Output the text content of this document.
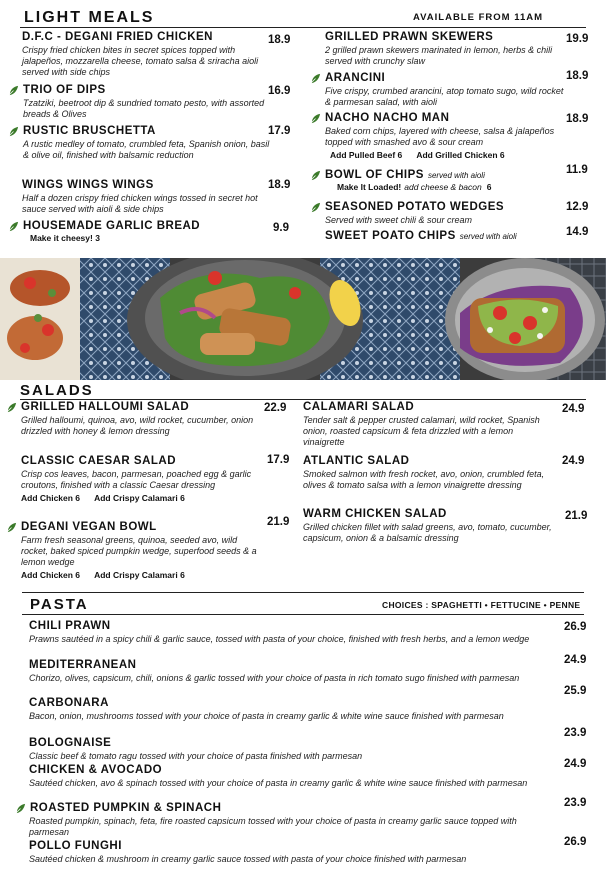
LIGHT MEALS	AVAILABLE FROM 11AM
D.F.C - DEGANI FRIED CHICKEN
Crispy fried chicken bites in secret spices topped with jalapeños, mozzarella cheese, tomato salsa & sriracha aioli served with side chips
18.9
TRIO OF DIPS
Tzatziki, beetroot dip & sundried tomato pesto, with assorted breads & Olives
16.9
RUSTIC BRUSCHETTA
A rustic medley of tomato, crumbled feta, Spanish onion, basil & olive oil, finished with balsamic reduction
17.9
WINGS WINGS WINGS
Half a dozen crispy fried chicken wings tossed in secret hot sauce served with aioli & side chips
18.9
HOUSEMADE GARLIC BREAD
Make it cheesy! 3
9.9
GRILLED PRAWN SKEWERS
2 grilled prawn skewers marinated in lemon, herbs & chili served with crunchy slaw
19.9
ARANCINI
Five crispy, crumbed arancini, atop tomato sugo, wild rocket & parmesan salad, with aioli
18.9
NACHO NACHO MAN
Baked corn chips, layered with cheese, salsa & jalapeños topped with smashed avo & sour cream
Add Pulled Beef 6 Add Grilled Chicken 6
18.9
BOWL OF CHIPS served with aioli
Make It Loaded! add cheese & bacon 6
11.9
SEASONED POTATO WEDGES
Served with sweet chili & sour cream
12.9
SWEET POATO CHIPS served with aioli	14.9
SALADS
GRILLED HALLOUMI SALAD
Grilled halloumi, quinoa, avo, wild rocket, cucumber, onion drizzled with honey & lemon dressing
22.9
CLASSIC CAESAR SALAD
Crisp cos leaves, bacon, parmesan, poached egg & garlic croutons, finished with a classic Caesar dressing
Add Chicken 6 Add Crispy Calamari 6
17.9
DEGANI VEGAN BOWL
Farm fresh seasonal greens, quinoa, seeded avo, wild rocket, baked spiced pumpkin wedge, superfood seeds & a lemon wedge
Add Chicken 6 Add Crispy Calamari 6
21.9
CALAMARI SALAD
Tender salt & pepper crusted calamari, wild rocket, Spanish onion, roasted capsicum & feta drizzled with a lemon vinaigrette
24.9
ATLANTIC SALAD
Smoked salmon with fresh rocket, avo, onion, crumbled feta, olives & tomato salsa with a lemon vinaigrette dressing
24.9
WARM CHICKEN SALAD
Grilled chicken fillet with salad greens, avo, tomato, cucumber, capsicum, onion & a balsamic dressing
21.9
PASTA	CHOICES : SPAGHETTI • FETTUCINE • PENNE
CHILI PRAWN
Prawns sautéed in a spicy chili & garlic sauce, tossed with pasta of your choice, finished with fresh herbs, and a lemon wedge
26.9
MEDITERRANEAN
Chorizo, olives, capsicum, chili, onions & garlic tossed with your choice of pasta in rich tomato sugo finished with parmesan
24.9
CARBONARA
Bacon, onion, mushrooms tossed with your choice of pasta in creamy garlic & white wine sauce finished with parmesan
25.9
BOLOGNAISE
Classic beef & tomato ragu tossed with your choice of pasta finished with parmesan
23.9
CHICKEN & AVOCADO
Sautéed chicken, avo & spinach tossed with your choice of pasta in creamy garlic & white wine sauce finished with parmesan
24.9
ROASTED PUMPKIN & SPINACH
Roasted pumpkin, spinach, feta, fire roasted capsicum tossed with your choice of pasta in creamy garlic sauce topped with parmesan
23.9
POLLO FUNGHI
Sautéed chicken & mushroom in creamy garlic sauce tossed with pasta of your choice finished with parmesan
26.9
